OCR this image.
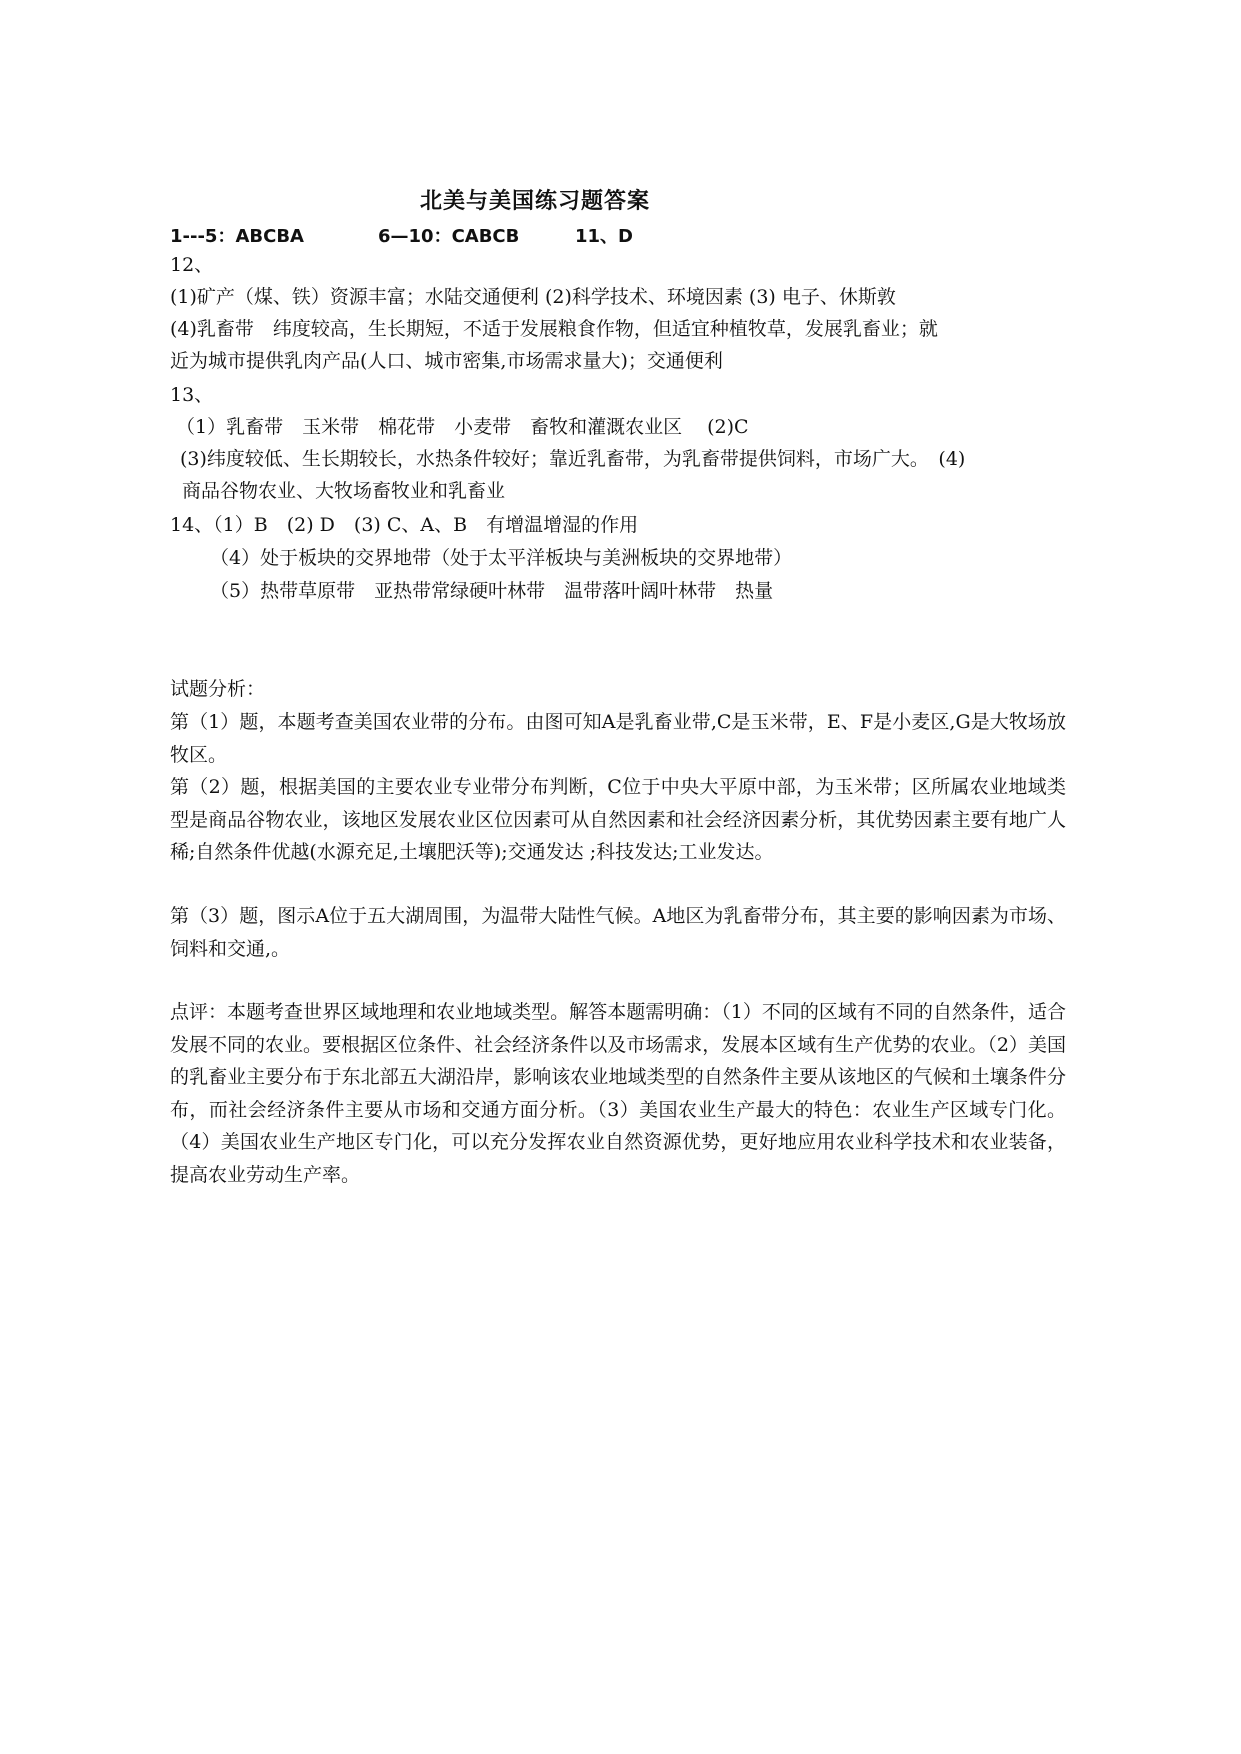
北美与美国练习题答案
1---5：ABCBA	6—10：CABCB	11、D
12、
(1)矿产（煤、铁）资源丰富；水陆交通便利 (2)科学技术、环境因素 (3) 电子、休斯敦
(4)乳畜带　纬度较高，生长期短，不适于发展粮食作物，但适宜种植牧草，发展乳畜业；就
近为城市提供乳肉产品(人口、城市密集,市场需求量大)；交通便利
13、
（1）乳畜带　玉米带　棉花带　小麦带　畜牧和灌溉农业区　 (2)C
(3)纬度较低、生长期较长，水热条件较好；靠近乳畜带，为乳畜带提供饲料，市场广大。　(4)
商品谷物农业、大牧场畜牧业和乳畜业
14、（1）B　(2) D　(3) C、A、B　有增温增湿的作用
（4）处于板块的交界地带（处于太平洋板块与美洲板块的交界地带）
（5）热带草原带　亚热带常绿硬叶林带　温带落叶阔叶林带　热量
试题分析：
第（1）题，本题考查美国农业带的分布。由图可知A是乳畜业带,C是玉米带，E、F是小麦区,G是大牧场放牧区。
第（2）题，根据美国的主要农业专业带分布判断，C位于中央大平原中部，为玉米带；区所属农业地域类型是商品谷物农业，该地区发展农业区位因素可从自然因素和社会经济因素分析，其优势因素主要有地广人稀;自然条件优越(水源充足,土壤肥沃等);交通发达 ;科技发达;工业发达。
第（3）题，图示A位于五大湖周围，为温带大陆性气候。A地区为乳畜带分布，其主要的影响因素为市场、饲料和交通,。
点评：本题考查世界区域地理和农业地域类型。解答本题需明确：（1）不同的区域有不同的自然条件，适合发展不同的农业。要根据区位条件、社会经济条件以及市场需求，发展本区域有生产优势的农业。（2）美国的乳畜业主要分布于东北部五大湖沿岸，影响该农业地域类型的自然条件主要从该地区的气候和土壤条件分布，而社会经济条件主要从市场和交通方面分析。（3）美国农业生产最大的特色：农业生产区域专门化。（4）美国农业生产地区专门化，可以充分发挥农业自然资源优势，更好地应用农业科学技术和农业装备，提高农业劳动生产率。
